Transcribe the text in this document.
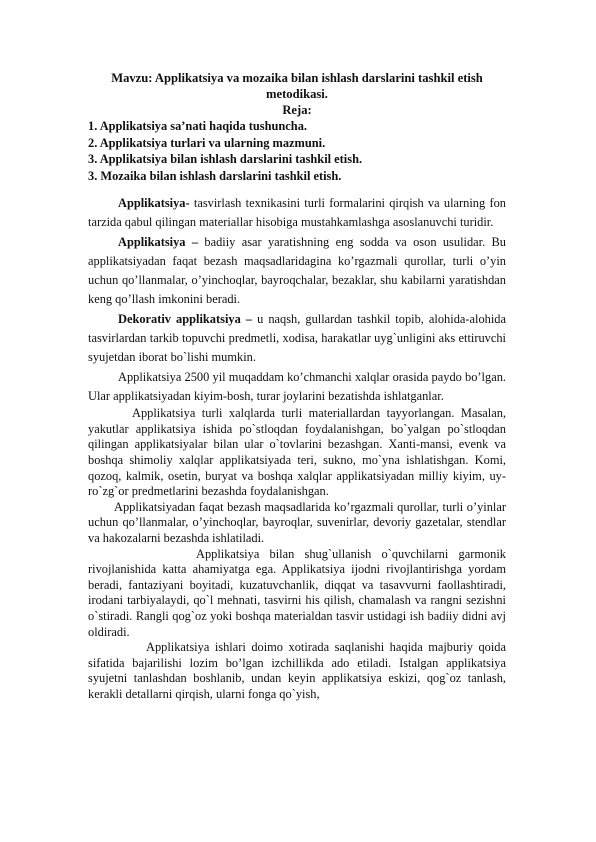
Mavzu: Applikatsiya va mozaika bilan ishlash darslarini tashkil etish metodikasi.

Reja:

1. Applikatsiya sa’nati haqida tushuncha.
2. Applikatsiya turlari va ularning mazmuni.
3. Applikatsiya bilan ishlash darslarini tashkil etish.
3. Mozaika bilan ishlash darslarini tashkil etish.

Applikatsiya- tasvirlash texnikasini turli formalarini qirqish va ularning fon tarzida qabul qilingan materiallar hisobiga mustahkamlashga asoslanuvchi turidir.

Applikatsiya – badiiy asar yaratishning eng sodda va oson usulidar. Bu applikatsiyadan faqat bezash maqsadlaridagina ko’rgazmali qurollar, turli o’yin uchun qo’llanmalar, o’yinchoqlar, bayroqchalar, bezaklar, shu kabilarni yaratishdan keng qo’llash imkonini beradi.

Dekorativ applikatsiya – u naqsh, gullardan tashkil topib, alohida-alohida tasvirlardan tarkib topuvchi predmetli, xodisa, harakatlar uyg`unligini aks ettiruvchi syujetdan iborat bo`lishi mumkin.

Applikatsiya 2500 yil muqaddam ko’chmanchi xalqlar orasida paydo bo’lgan. Ular applikatsiyadan kiyim-bosh, turar joylarini bezatishda ishlatganlar.

Applikatsiya turli xalqlarda turli materiallardan tayyorlangan. Masalan, yakutlar applikatsiya ishida po`stloqdan foydalanishgan, bo`yalgan po`stloqdan qilingan applikatsiyalar bilan ular o`tovlarini bezashgan. Xanti-mansi, evenk va boshqa shimoliy xalqlar applikatsiyada teri, sukno, mo`yna ishlatishgan. Komi, qozoq, kalmik, osetin, buryat va boshqa xalqlar applikatsiyadan milliy kiyim, uy-ro`zg`or predmetlarini bezashda foydalanishgan.

Applikatsiyadan faqat bezash maqsadlarida ko’rgazmali qurollar, turli o’yinlar uchun qo’llanmalar, o’yinchoqlar, bayroqlar, suvenirlar, devoriy gazetalar, stendlar va hakozalarni bezashda ishlatiladi.

Applikatsiya bilan shug`ullanish o`quvchilarni garmonik rivojlanishida katta ahamiyatga ega. Applikatsiya ijodni rivojlantirishga yordam beradi, fantaziyani boyitadi, kuzatuvchanlik, diqqat va tasavvurni faollashtiradi, irodani tarbiyalaydi, qo`l mehnati, tasvirni his qilish, chamalash va rangni sezishni o`stiradi. Rangli qog`oz yoki boshqa materialdan tasvir ustidagi ish badiiy didni avj oldiradi.

Applikatsiya ishlari doimo xotirada saqlanishi haqida majburiy qoida sifatida bajarilishi lozim bo’lgan izchillikda ado etiladi. Istalgan applikatsiya syujetni tanlashdan boshlanib, undan keyin applikatsiya eskizi, qog`oz tanlash, kerakli detallarni qirqish, ularni fonga qo`yish,
